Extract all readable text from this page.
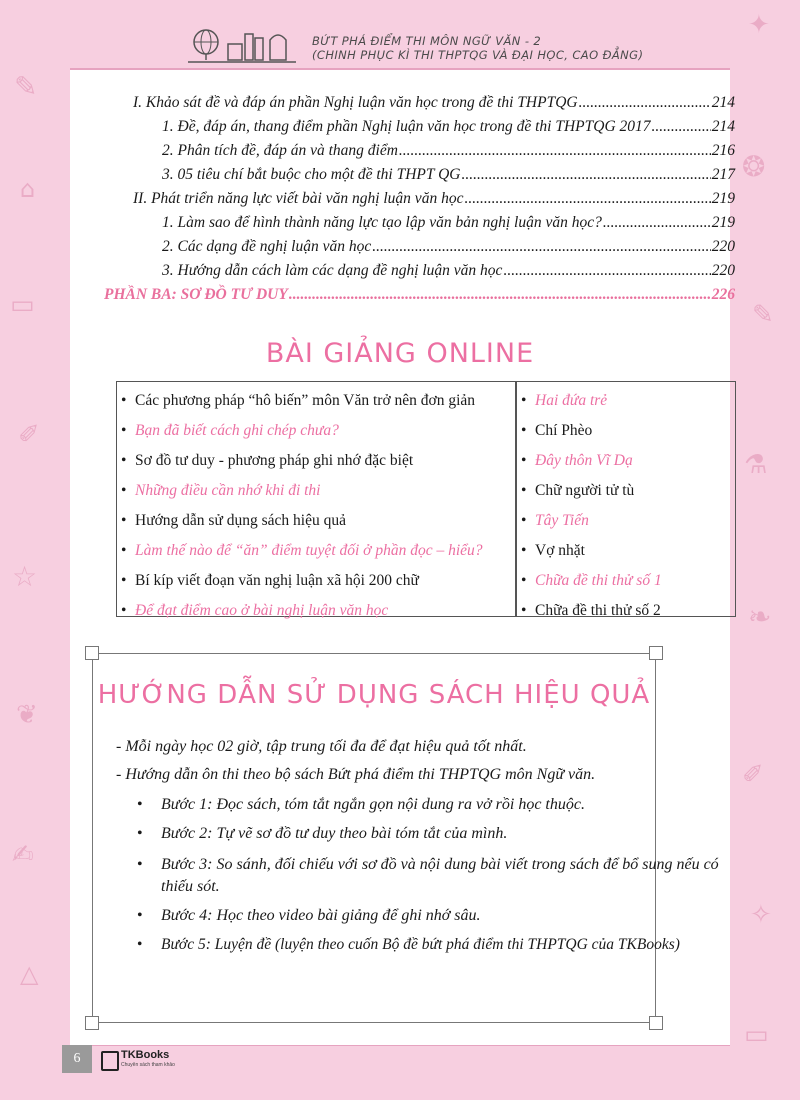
✎
⌂
▭
✐
☆
❦
✍
△
✦
❂
✎
⚗
❧
✐
✧
▭
BỨT PHÁ ĐIỂM THI MÔN NGỮ VĂN - 2
(CHINH PHỤC KÌ THI THPTQG VÀ ĐẠI HỌC, CAO ĐẲNG)
I. Khảo sát đề và đáp án phần Nghị luận văn học trong đề thi THPTQG .....	214
1. Đề, đáp án, thang điểm phần Nghị luận văn học trong đề thi THPTQG 2017 .....	214
2. Phân tích đề, đáp án và thang điểm .....	216
3. 05 tiêu chí bắt buộc cho một đề thi THPT QG .....	217
II. Phát triển năng lực viết bài văn nghị luận văn học .....	219
1. Làm sao để hình thành năng lực tạo lập văn bản nghị luận văn học? .....	219
2. Các dạng đề nghị luận văn học .....	220
3. Hướng dẫn cách làm các dạng đề nghị luận văn học .....	220
PHẦN BA: SƠ ĐỒ TƯ DUY .....	226
BÀI GIẢNG ONLINE
• Các phương pháp “hô biến” môn Văn trở nên đơn giản
• Bạn đã biết cách ghi chép chưa?
• Sơ đồ tư duy - phương pháp ghi nhớ đặc biệt
• Những điều cần nhớ khi đi thi
• Hướng dẫn sử dụng sách hiệu quả
• Làm thế nào để “ăn” điểm tuyệt đối ở phần đọc – hiểu?
• Bí kíp viết đoạn văn nghị luận xã hội 200 chữ
• Để đạt điểm cao ở bài nghị luận văn học
• Hai đứa trẻ
• Chí Phèo
• Đây thôn Vĩ Dạ
• Chữ người tử tù
• Tây Tiến
• Vợ nhặt
• Chữa đề thi thử số 1
• Chữa đề thi thử số 2
HƯỚNG DẪN SỬ DỤNG SÁCH HIỆU QUẢ
- Mỗi ngày học 02 giờ, tập trung tối đa để đạt hiệu quả tốt nhất.
- Hướng dẫn ôn thi theo bộ sách Bứt phá điểm thi THPTQG môn Ngữ văn.
• Bước 1: Đọc sách, tóm tắt ngắn gọn nội dung ra vở rồi học thuộc.
• Bước 2: Tự vẽ sơ đồ tư duy theo bài tóm tắt của mình.
• Bước 3: So sánh, đối chiếu với sơ đồ và nội dung bài viết trong sách để bổ sung nếu có thiếu sót.
• Bước 4: Học theo video bài giảng để ghi nhớ sâu.
• Bước 5: Luyện đề (luyện theo cuốn Bộ đề bứt phá điểm thi THPTQG của TKBooks)
6	TKBooks
Chuyên sách tham khảo
